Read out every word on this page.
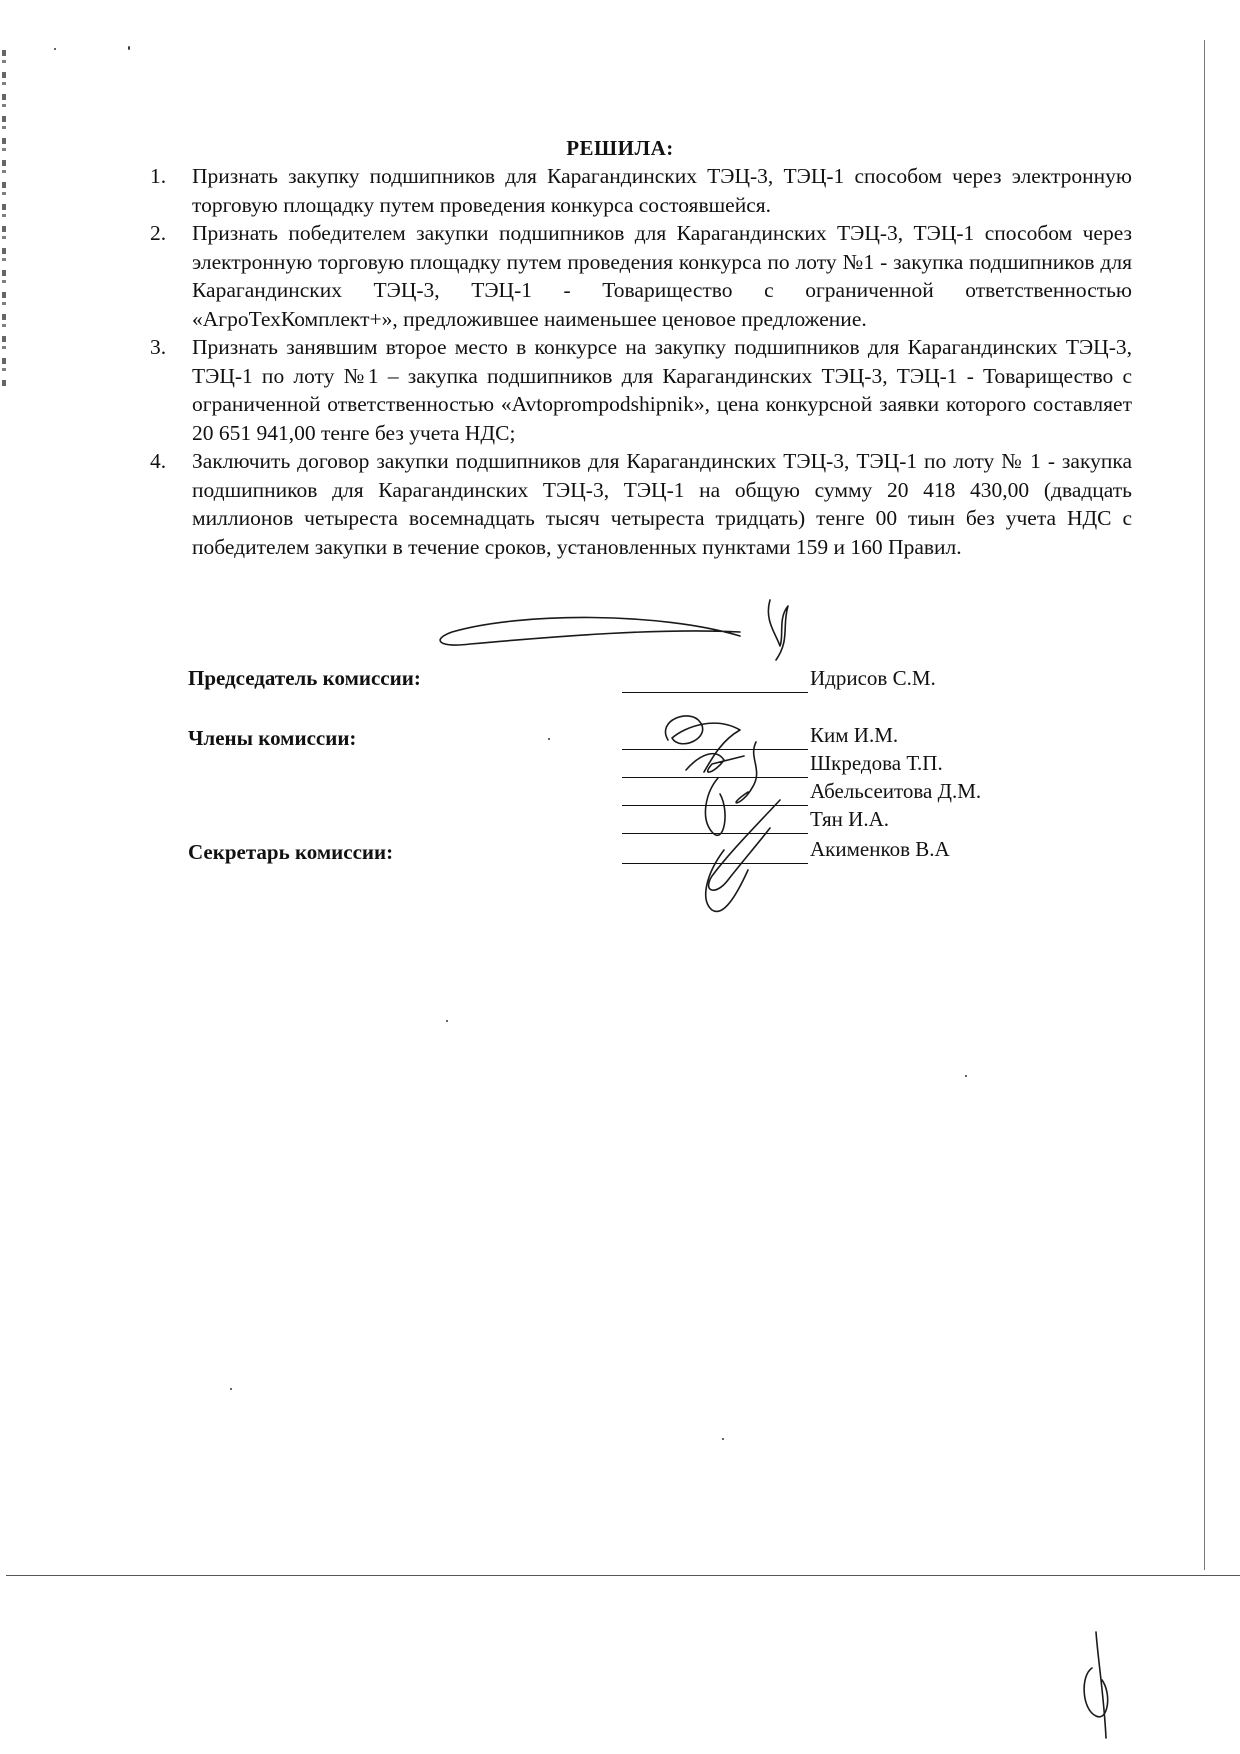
РЕШИЛА:
1. Признать закупку подшипников для Карагандинских ТЭЦ-3, ТЭЦ-1 способом через электронную торговую площадку путем проведения конкурса состоявшейся.
2. Признать победителем закупки подшипников для Карагандинских ТЭЦ-3, ТЭЦ-1 способом через электронную торговую площадку путем проведения конкурса по лоту №1 - закупка подшипников для Карагандинских ТЭЦ-3, ТЭЦ-1 - Товарищество с ограниченной ответственностью «АгроТехКомплект+», предложившее наименьшее ценовое предложение.
3. Признать занявшим второе место в конкурсе на закупку подшипников для Карагандинских ТЭЦ-3, ТЭЦ-1 по лоту №1 – закупка подшипников для Карагандинских ТЭЦ-3, ТЭЦ-1 - Товарищество с ограниченной ответственностью «Avtoprompodshipnik», цена конкурсной заявки которого составляет 20 651 941,00 тенге без учета НДС;
4. Заключить договор закупки подшипников для Карагандинских ТЭЦ-3, ТЭЦ-1 по лоту № 1 - закупка подшипников для Карагандинских ТЭЦ-3, ТЭЦ-1 на общую сумму 20 418 430,00 (двадцать миллионов четыреста восемнадцать тысяч четыреста тридцать) тенге 00 тиын без учета НДС с победителем закупки в течение сроков, установленных пунктами 159 и 160 Правил.
Председатель комиссии:	Идрисов С.М.
Члены комиссии:	Ким И.М.
Шкредова Т.П.
Абельсеитова Д.М.
Тян И.А.
Секретарь комиссии:	Акименков В.А
